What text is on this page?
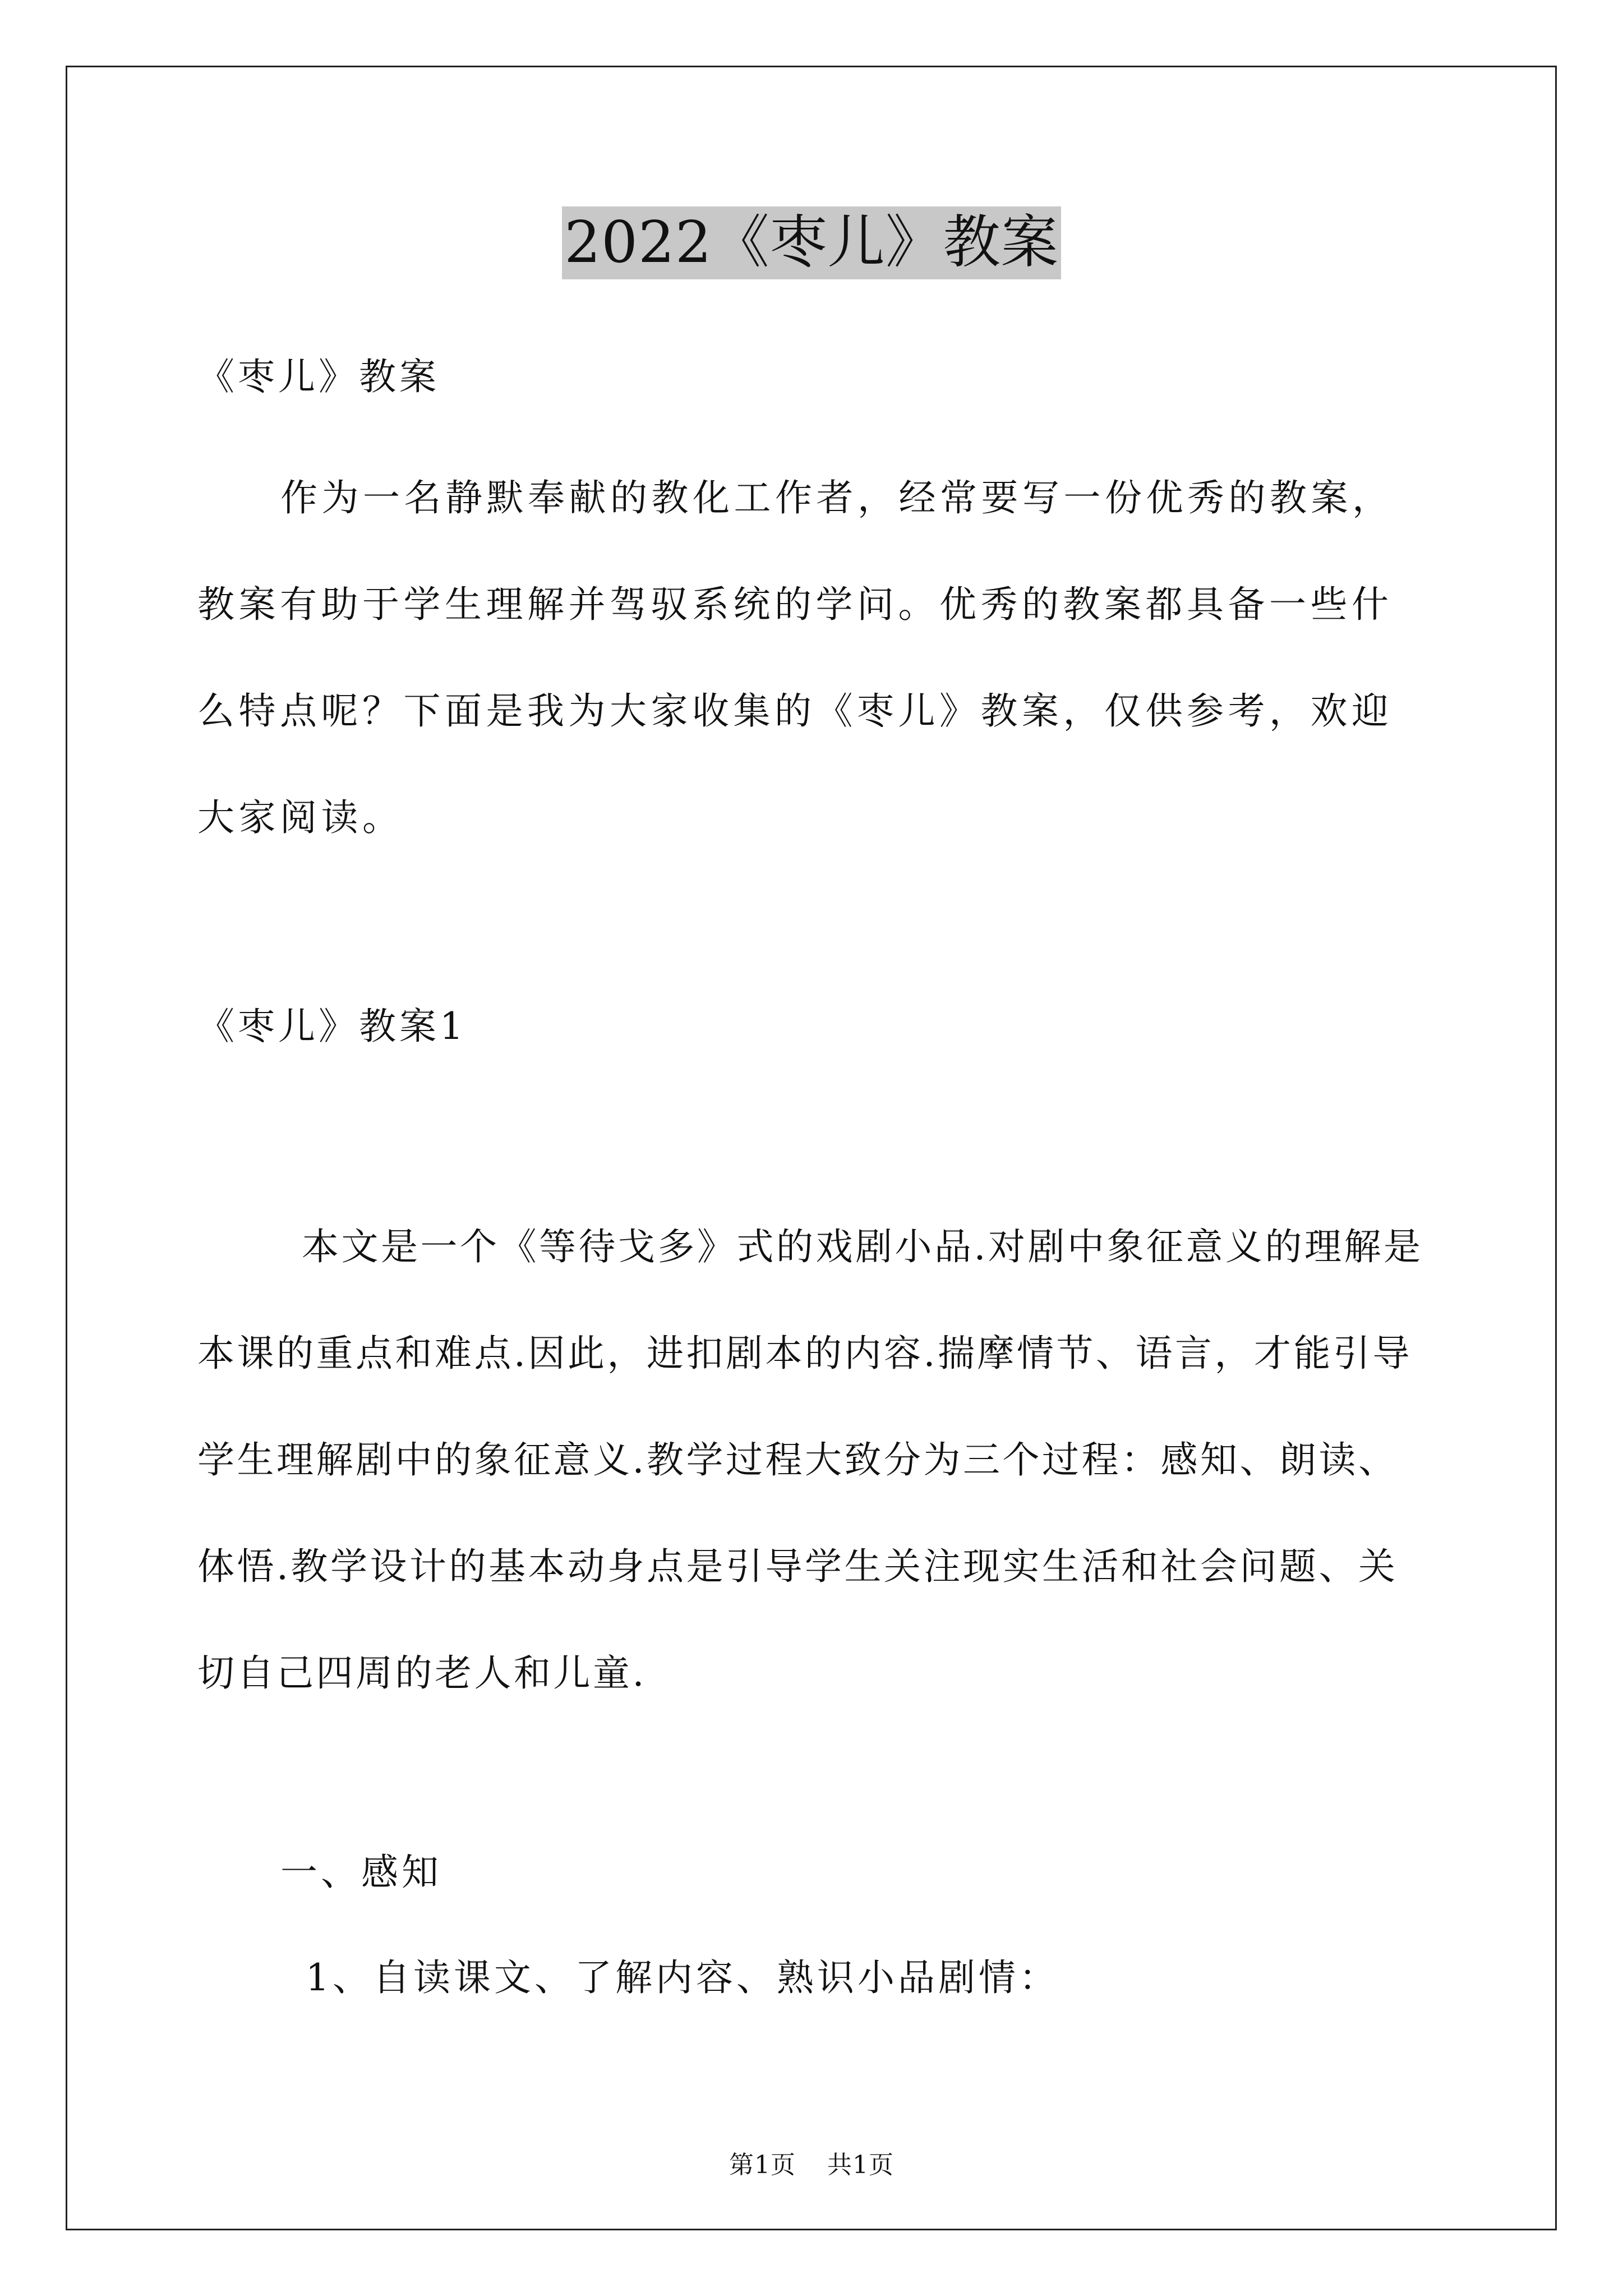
2022《枣儿》教案
《枣儿》教案
作为一名静默奉献的教化工作者，经常要写一份优秀的教案，教案有助于学生理解并驾驭系统的学问。优秀的教案都具备一些什么特点呢？下面是我为大家收集的《枣儿》教案，仅供参考，欢迎大家阅读。
《枣儿》教案1
本文是一个《等待戈多》式的戏剧小品.对剧中象征意义的理解是本课的重点和难点.因此，进扣剧本的内容.揣摩情节、语言，才能引导学生理解剧中的象征意义.教学过程大致分为三个过程：感知、朗读、体悟.教学设计的基本动身点是引导学生关注现实生活和社会问题、关切自己四周的老人和儿童.
一、感知
1、自读课文、了解内容、熟识小品剧情：
第1页 共1页
